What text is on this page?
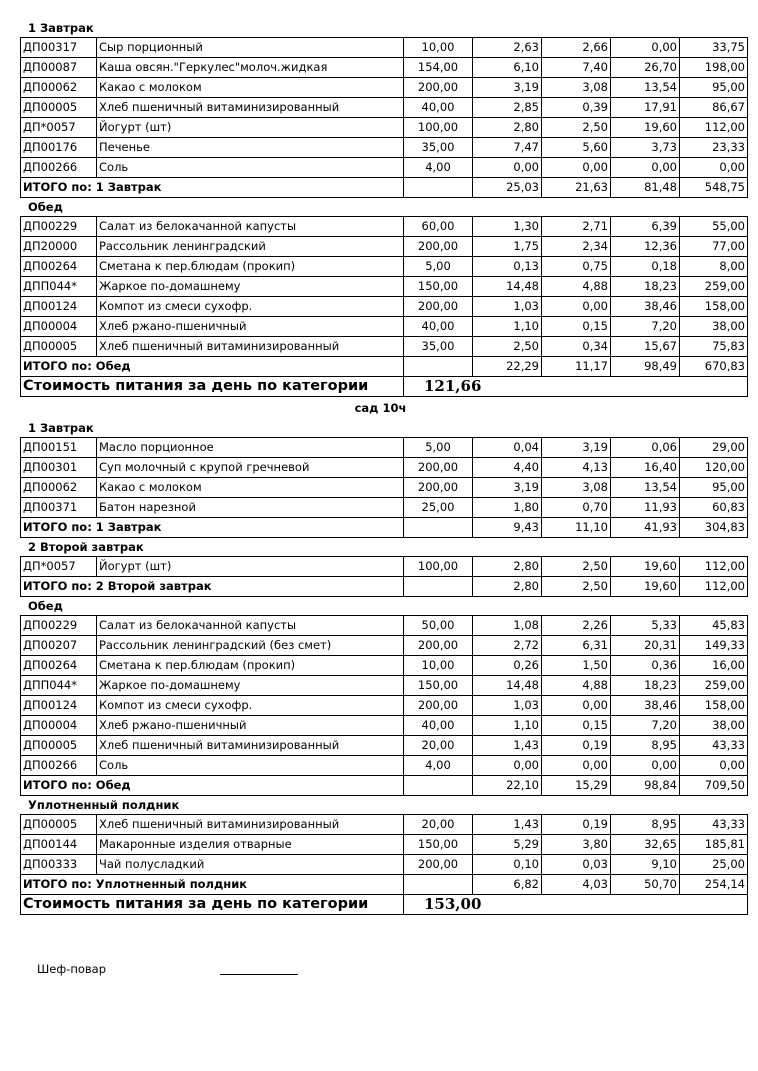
1 Завтрак
ДП00317	Сыр порционный	10,00	2,63	2,66	0,00	33,75
ДП00087	Каша овсян."Геркулес"молоч.жидкая	154,00	6,10	7,40	26,70	198,00
ДП00062	Какао с молоком	200,00	3,19	3,08	13,54	95,00
ДП00005	Хлеб пшеничный витаминизированный	40,00	2,85	0,39	17,91	86,67
ДП*0057	Йогурт (шт)	100,00	2,80	2,50	19,60	112,00
ДП00176	Печенье	35,00	7,47	5,60	3,73	23,33
ДП00266	Соль	4,00	0,00	0,00	0,00	0,00
ИТОГО по: 1 Завтрак			25,03	21,63	81,48	548,75
Обед
ДП00229	Салат из белокачанной капусты	60,00	1,30	2,71	6,39	55,00
ДП20000	Рассольник ленинградский	200,00	1,75	2,34	12,36	77,00
ДП00264	Сметана к пер.блюдам (прокип)	5,00	0,13	0,75	0,18	8,00
ДПП044*	Жаркое по-домашнему	150,00	14,48	4,88	18,23	259,00
ДП00124	Компот из смеси сухофр.	200,00	1,03	0,00	38,46	158,00
ДП00004	Хлеб ржано-пшеничный	40,00	1,10	0,15	7,20	38,00
ДП00005	Хлеб пшеничный витаминизированный	35,00	2,50	0,34	15,67	75,83
ИТОГО по: Обед			22,29	11,17	98,49	670,83
Стоимость питания за день по категории		121,66				
сад 10ч
1 Завтрак
ДП00151	Масло порционное	5,00	0,04	3,19	0,06	29,00
ДП00301	Суп молочный с крупой гречневой	200,00	4,40	4,13	16,40	120,00
ДП00062	Какао с молоком	200,00	3,19	3,08	13,54	95,00
ДП00371	Батон нарезной	25,00	1,80	0,70	11,93	60,83
ИТОГО по: 1 Завтрак			9,43	11,10	41,93	304,83
2 Второй завтрак
ДП*0057	Йогурт (шт)	100,00	2,80	2,50	19,60	112,00
ИТОГО по: 2 Второй завтрак			2,80	2,50	19,60	112,00
Обед
ДП00229	Салат из белокачанной капусты	50,00	1,08	2,26	5,33	45,83
ДП00207	Рассольник ленинградский (без смет)	200,00	2,72	6,31	20,31	149,33
ДП00264	Сметана к пер.блюдам (прокип)	10,00	0,26	1,50	0,36	16,00
ДПП044*	Жаркое по-домашнему	150,00	14,48	4,88	18,23	259,00
ДП00124	Компот из смеси сухофр.	200,00	1,03	0,00	38,46	158,00
ДП00004	Хлеб ржано-пшеничный	40,00	1,10	0,15	7,20	38,00
ДП00005	Хлеб пшеничный витаминизированный	20,00	1,43	0,19	8,95	43,33
ДП00266	Соль	4,00	0,00	0,00	0,00	0,00
ИТОГО по: Обед			22,10	15,29	98,84	709,50
Уплотненный полдник
ДП00005	Хлеб пшеничный витаминизированный	20,00	1,43	0,19	8,95	43,33
ДП00144	Макаронные изделия отварные	150,00	5,29	3,80	32,65	185,81
ДП00333	Чай полусладкий	200,00	0,10	0,03	9,10	25,00
ИТОГО по: Уплотненный полдник			6,82	4,03	50,70	254,14
Стоимость питания за день по категории		153,00				
Шеф-повар
